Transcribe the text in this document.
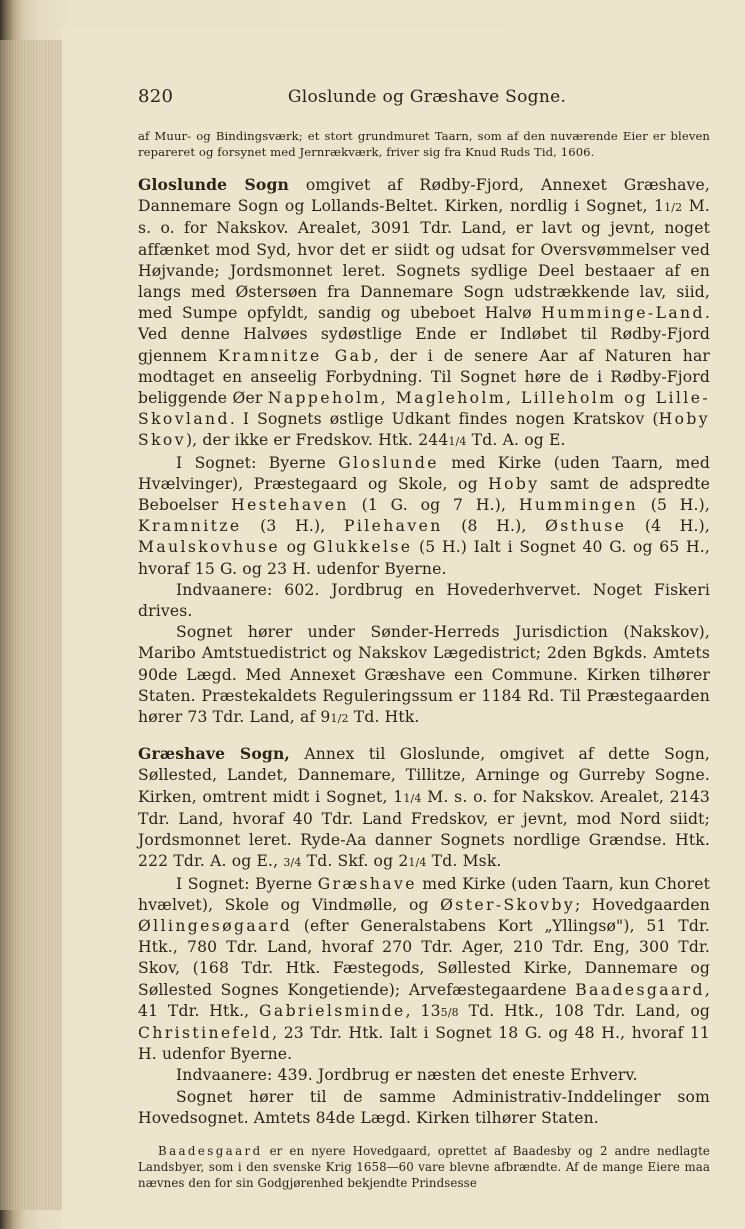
820	Gloslunde og Græshave Sogne.
af Muur- og Bindingsværk; et stort grundmuret Taarn, som af den nuværende Eier er bleven repareret og forsynet med Jernrækværk, friver sig fra Knud Ruds Tid, 1606.

Gloslunde Sogn omgivet af Rødby-Fjord, Annexet Græshave, Dannemare Sogn og Lollands-Beltet. Kirken, nordlig i Sognet, 11/2 M. s. o. for Nakskov. Arealet, 3091 Tdr. Land, er lavt og jevnt, noget affænket mod Syd, hvor det er siidt og udsat for Oversvømmelser ved Højvande; Jordsmonnet leret. Sognets sydlige Deel bestaaer af en langs med Østersøen fra Dannemare Sogn udstrækkende lav, siid, med Sumpe opfyldt, sandig og ubeboet Halvø Humminge-Land. Ved denne Halvøes sydøstlige Ende er Indløbet til Rødby-Fjord gjennem Kramnitze Gab, der i de senere Aar af Naturen har modtaget en anseelig Forbydning. Til Sognet høre de i Rødby-Fjord beliggende Øer Nappeholm, Magleholm, Lilleholm og Lille-Skovland. I Sognets østlige Udkant findes nogen Kratskov (Hoby Skov), der ikke er Fredskov. Htk. 2441/4 Td. A. og E.

I Sognet: Byerne Gloslunde med Kirke (uden Taarn, med Hvælvinger), Præstegaard og Skole, og Hoby samt de adspredte Beboelser Hestehaven (1 G. og 7 H.), Hummingen (5 H.), Kramnitze (3 H.), Pilehaven (8 H.), Østhuse (4 H.), Maulskovhuse og Glukkelse (5 H.) Ialt i Sognet 40 G. og 65 H., hvoraf 15 G. og 23 H. udenfor Byerne.

Indvaanere: 602. Jordbrug en Hovederhvervet. Noget Fiskeri drives.

Sognet hører under Sønder-Herreds Jurisdiction (Nakskov), Maribo Amtstuedistrict og Nakskov Lægedistrict; 2den Bgkds. Amtets 90de Lægd. Med Annexet Græshave een Commune. Kirken tilhører Staten. Præstekaldets Reguleringssum er 1184 Rd. Til Præstegaarden hører 73 Tdr. Land, af 91/2 Td. Htk.

Græshave Sogn, Annex til Gloslunde, omgivet af dette Sogn, Søllested, Landet, Dannemare, Tillitze, Arninge og Gurreby Sogne. Kirken, omtrent midt i Sognet, 11/4 M. s. o. for Nakskov. Arealet, 2143 Tdr. Land, hvoraf 40 Tdr. Land Fredskov, er jevnt, mod Nord siidt; Jordsmonnet leret. Ryde-Aa danner Sognets nordlige Grændse. Htk. 222 Tdr. A. og E., 3/4 Td. Skf. og 21/4 Td. Msk.

I Sognet: Byerne Græshave med Kirke (uden Taarn, kun Choret hvælvet), Skole og Vindmølle, og Øster-Skovby; Hovedgaarden Øllingesøgaard (efter Generalstabens Kort „Yllingsø"), 51 Tdr. Htk., 780 Tdr. Land, hvoraf 270 Tdr. Ager, 210 Tdr. Eng, 300 Tdr. Skov, (168 Tdr. Htk. Fæstegods, Søllested Kirke, Dannemare og Søllested Sognes Kongetiende); Arvefæstegaardene Baadesgaard, 41 Tdr. Htk., Gabrielsminde, 135/8 Td. Htk., 108 Tdr. Land, og Christinefeld, 23 Tdr. Htk. Ialt i Sognet 18 G. og 48 H., hvoraf 11 H. udenfor Byerne.

Indvaanere: 439. Jordbrug er næsten det eneste Erhverv.

Sognet hører til de samme Administrativ-Inddelinger som Hovedsognet. Amtets 84de Lægd. Kirken tilhører Staten.

Baadesgaard er en nyere Hovedgaard, oprettet af Baadesby og 2 andre nedlagte Landsbyer, som i den svenske Krig 1658—60 vare blevne afbrændte. Af de mange Eiere maa nævnes den for sin Godgjørenhed bekjendte Prindsesse
